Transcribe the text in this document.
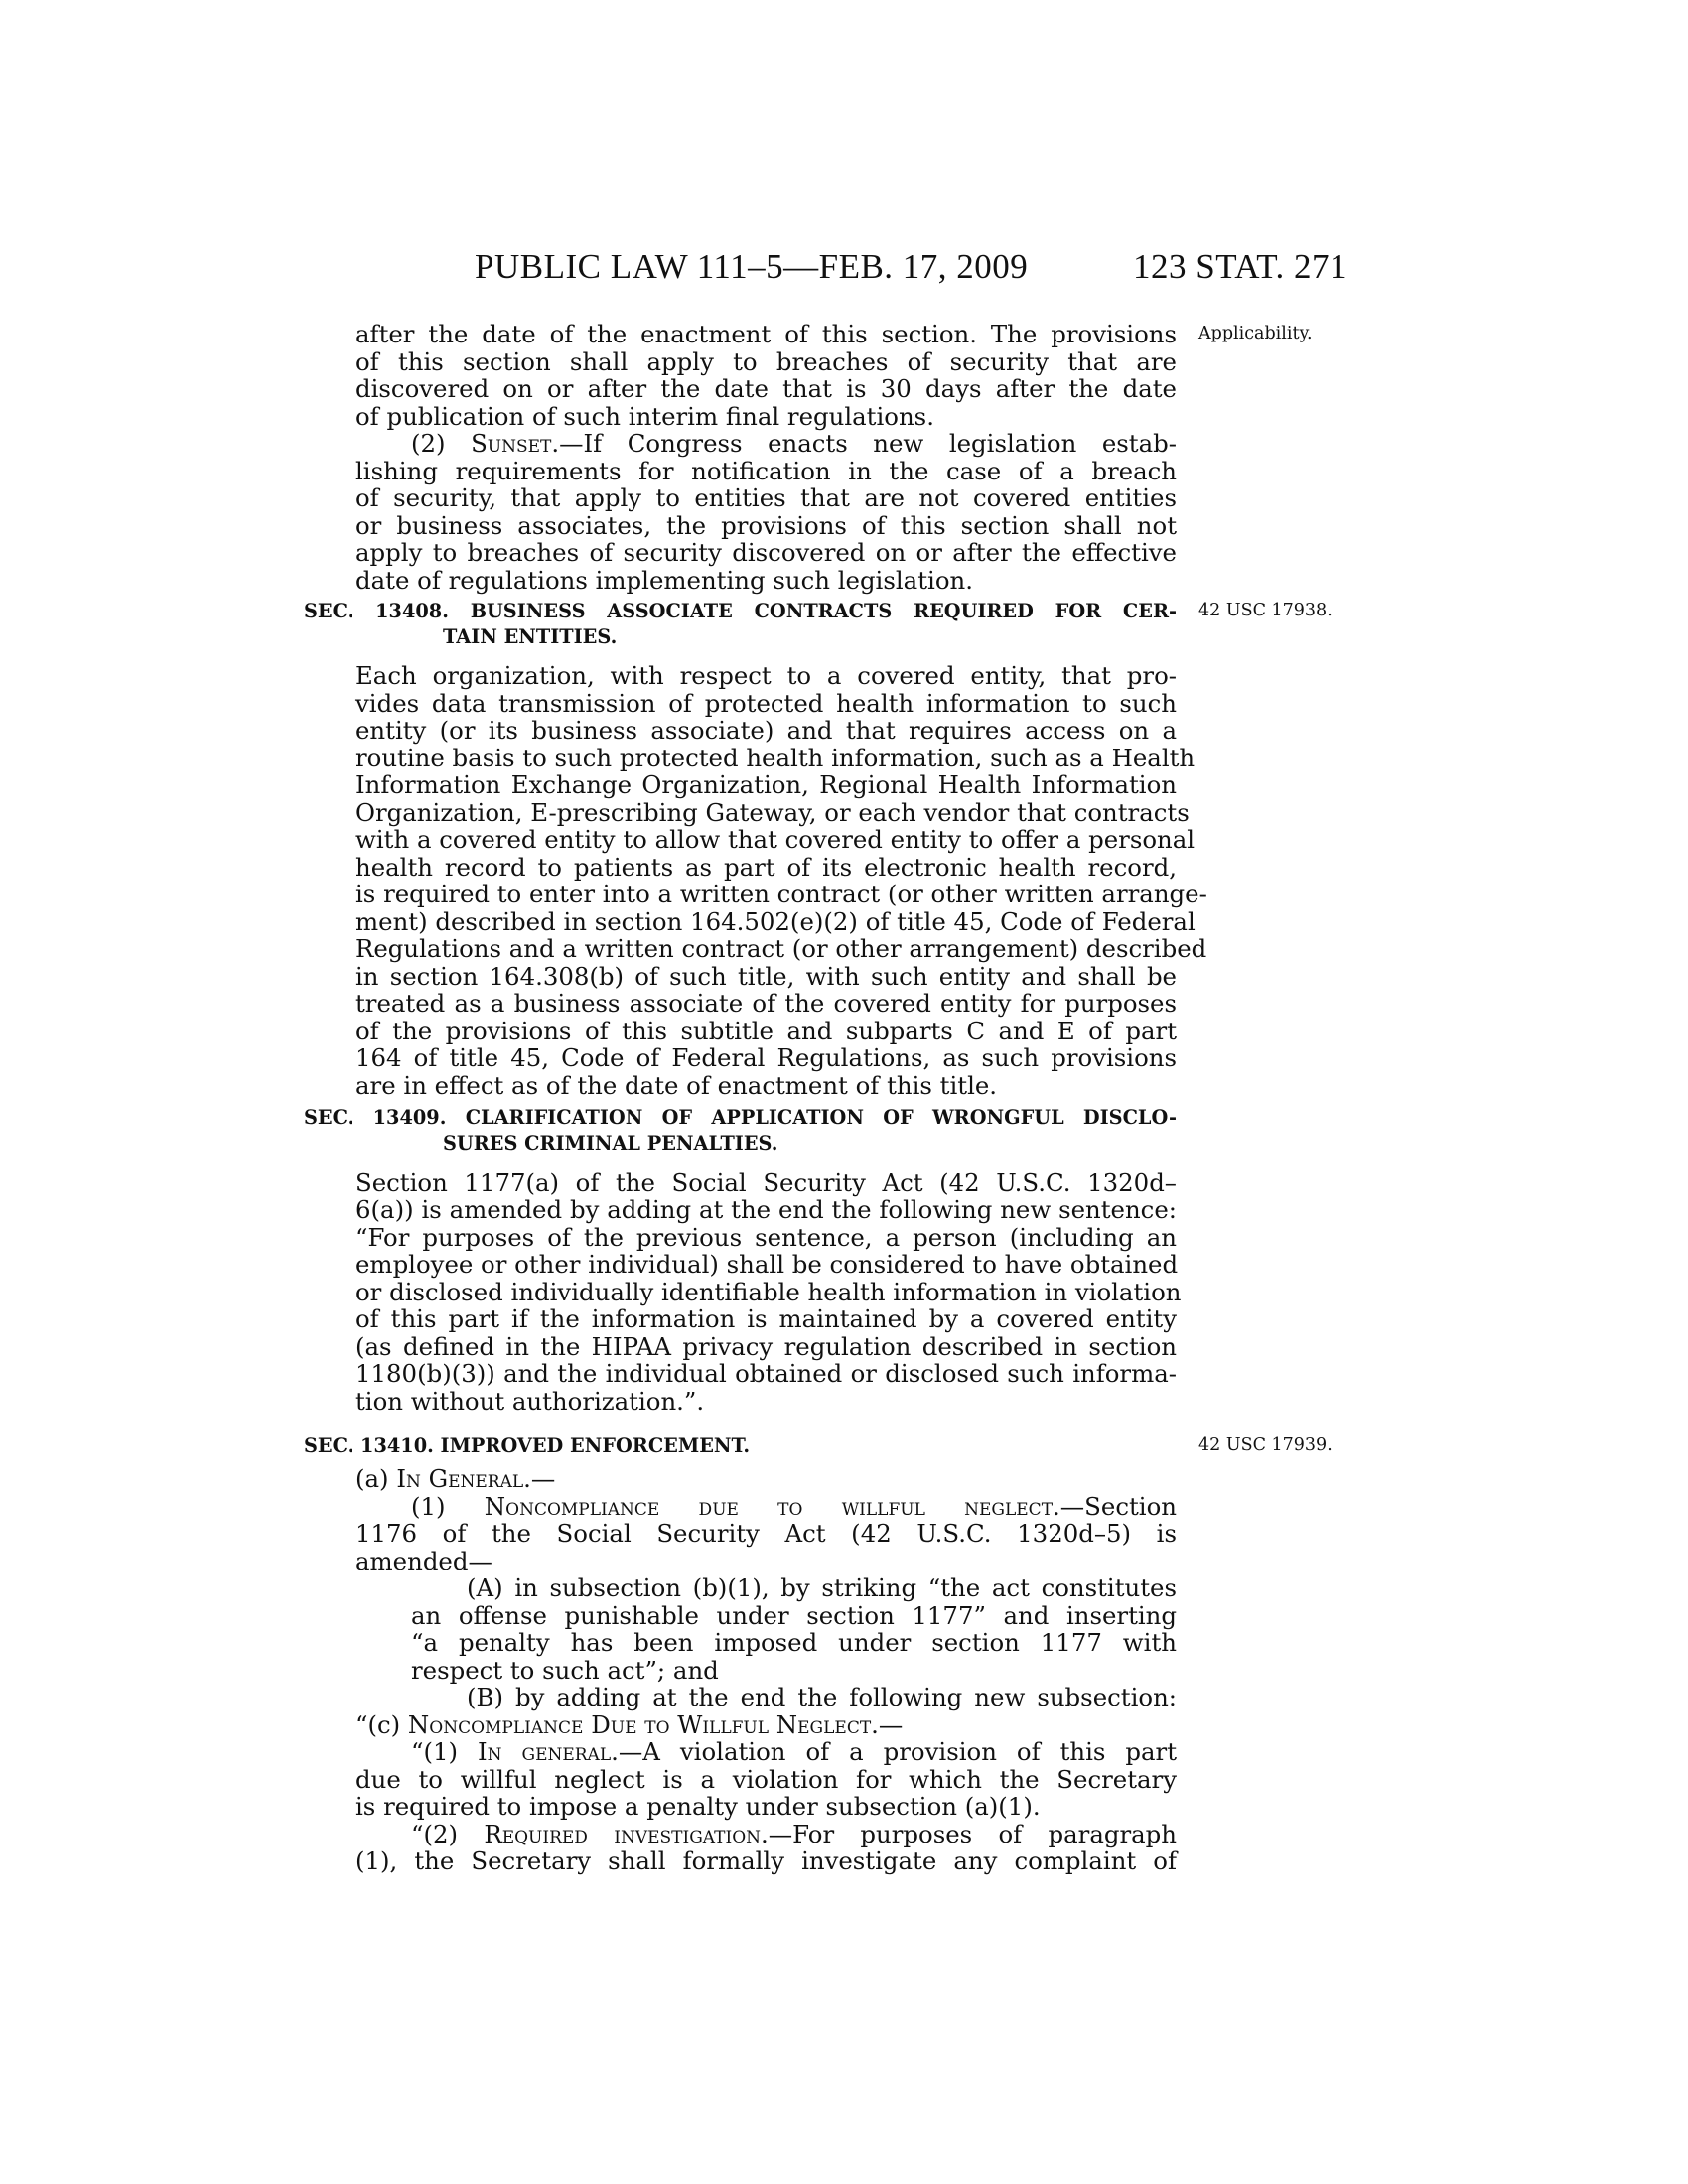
PUBLIC LAW 111–5—FEB. 17, 2009	123 STAT. 271
Applicability.
42 USC 17938.
42 USC 17939.
after the date of the enactment of this section. The provisions
of this section shall apply to breaches of security that are
discovered on or after the date that is 30 days after the date
of publication of such interim final regulations.
(2) Sunset.—If Congress enacts new legislation estab-
lishing requirements for notification in the case of a breach
of security, that apply to entities that are not covered entities
or business associates, the provisions of this section shall not
apply to breaches of security discovered on or after the effective
date of regulations implementing such legislation.
SEC. 13408. BUSINESS ASSOCIATE CONTRACTS REQUIRED FOR CER-
TAIN ENTITIES.
Each organization, with respect to a covered entity, that pro-
vides data transmission of protected health information to such
entity (or its business associate) and that requires access on a
routine basis to such protected health information, such as a Health
Information Exchange Organization, Regional Health Information
Organization, E-prescribing Gateway, or each vendor that contracts
with a covered entity to allow that covered entity to offer a personal
health record to patients as part of its electronic health record,
is required to enter into a written contract (or other written arrange-
ment) described in section 164.502(e)(2) of title 45, Code of Federal
Regulations and a written contract (or other arrangement) described
in section 164.308(b) of such title, with such entity and shall be
treated as a business associate of the covered entity for purposes
of the provisions of this subtitle and subparts C and E of part
164 of title 45, Code of Federal Regulations, as such provisions
are in effect as of the date of enactment of this title.
SEC. 13409. CLARIFICATION OF APPLICATION OF WRONGFUL DISCLO-
SURES CRIMINAL PENALTIES.
Section 1177(a) of the Social Security Act (42 U.S.C. 1320d–
6(a)) is amended by adding at the end the following new sentence:
“For purposes of the previous sentence, a person (including an
employee or other individual) shall be considered to have obtained
or disclosed individually identifiable health information in violation
of this part if the information is maintained by a covered entity
(as defined in the HIPAA privacy regulation described in section
1180(b)(3)) and the individual obtained or disclosed such informa-
tion without authorization.”.
SEC. 13410. IMPROVED ENFORCEMENT.
(a) In General.—
(1) Noncompliance due to willful neglect.—Section
1176 of the Social Security Act (42 U.S.C. 1320d–5) is
amended—
(A) in subsection (b)(1), by striking “the act constitutes
an offense punishable under section 1177” and inserting
“a penalty has been imposed under section 1177 with
respect to such act”; and
(B) by adding at the end the following new subsection:
“(c) Noncompliance Due to Willful Neglect.—
“(1) In general.—A violation of a provision of this part
due to willful neglect is a violation for which the Secretary
is required to impose a penalty under subsection (a)(1).
“(2) Required investigation.—For purposes of paragraph
(1), the Secretary shall formally investigate any complaint of
